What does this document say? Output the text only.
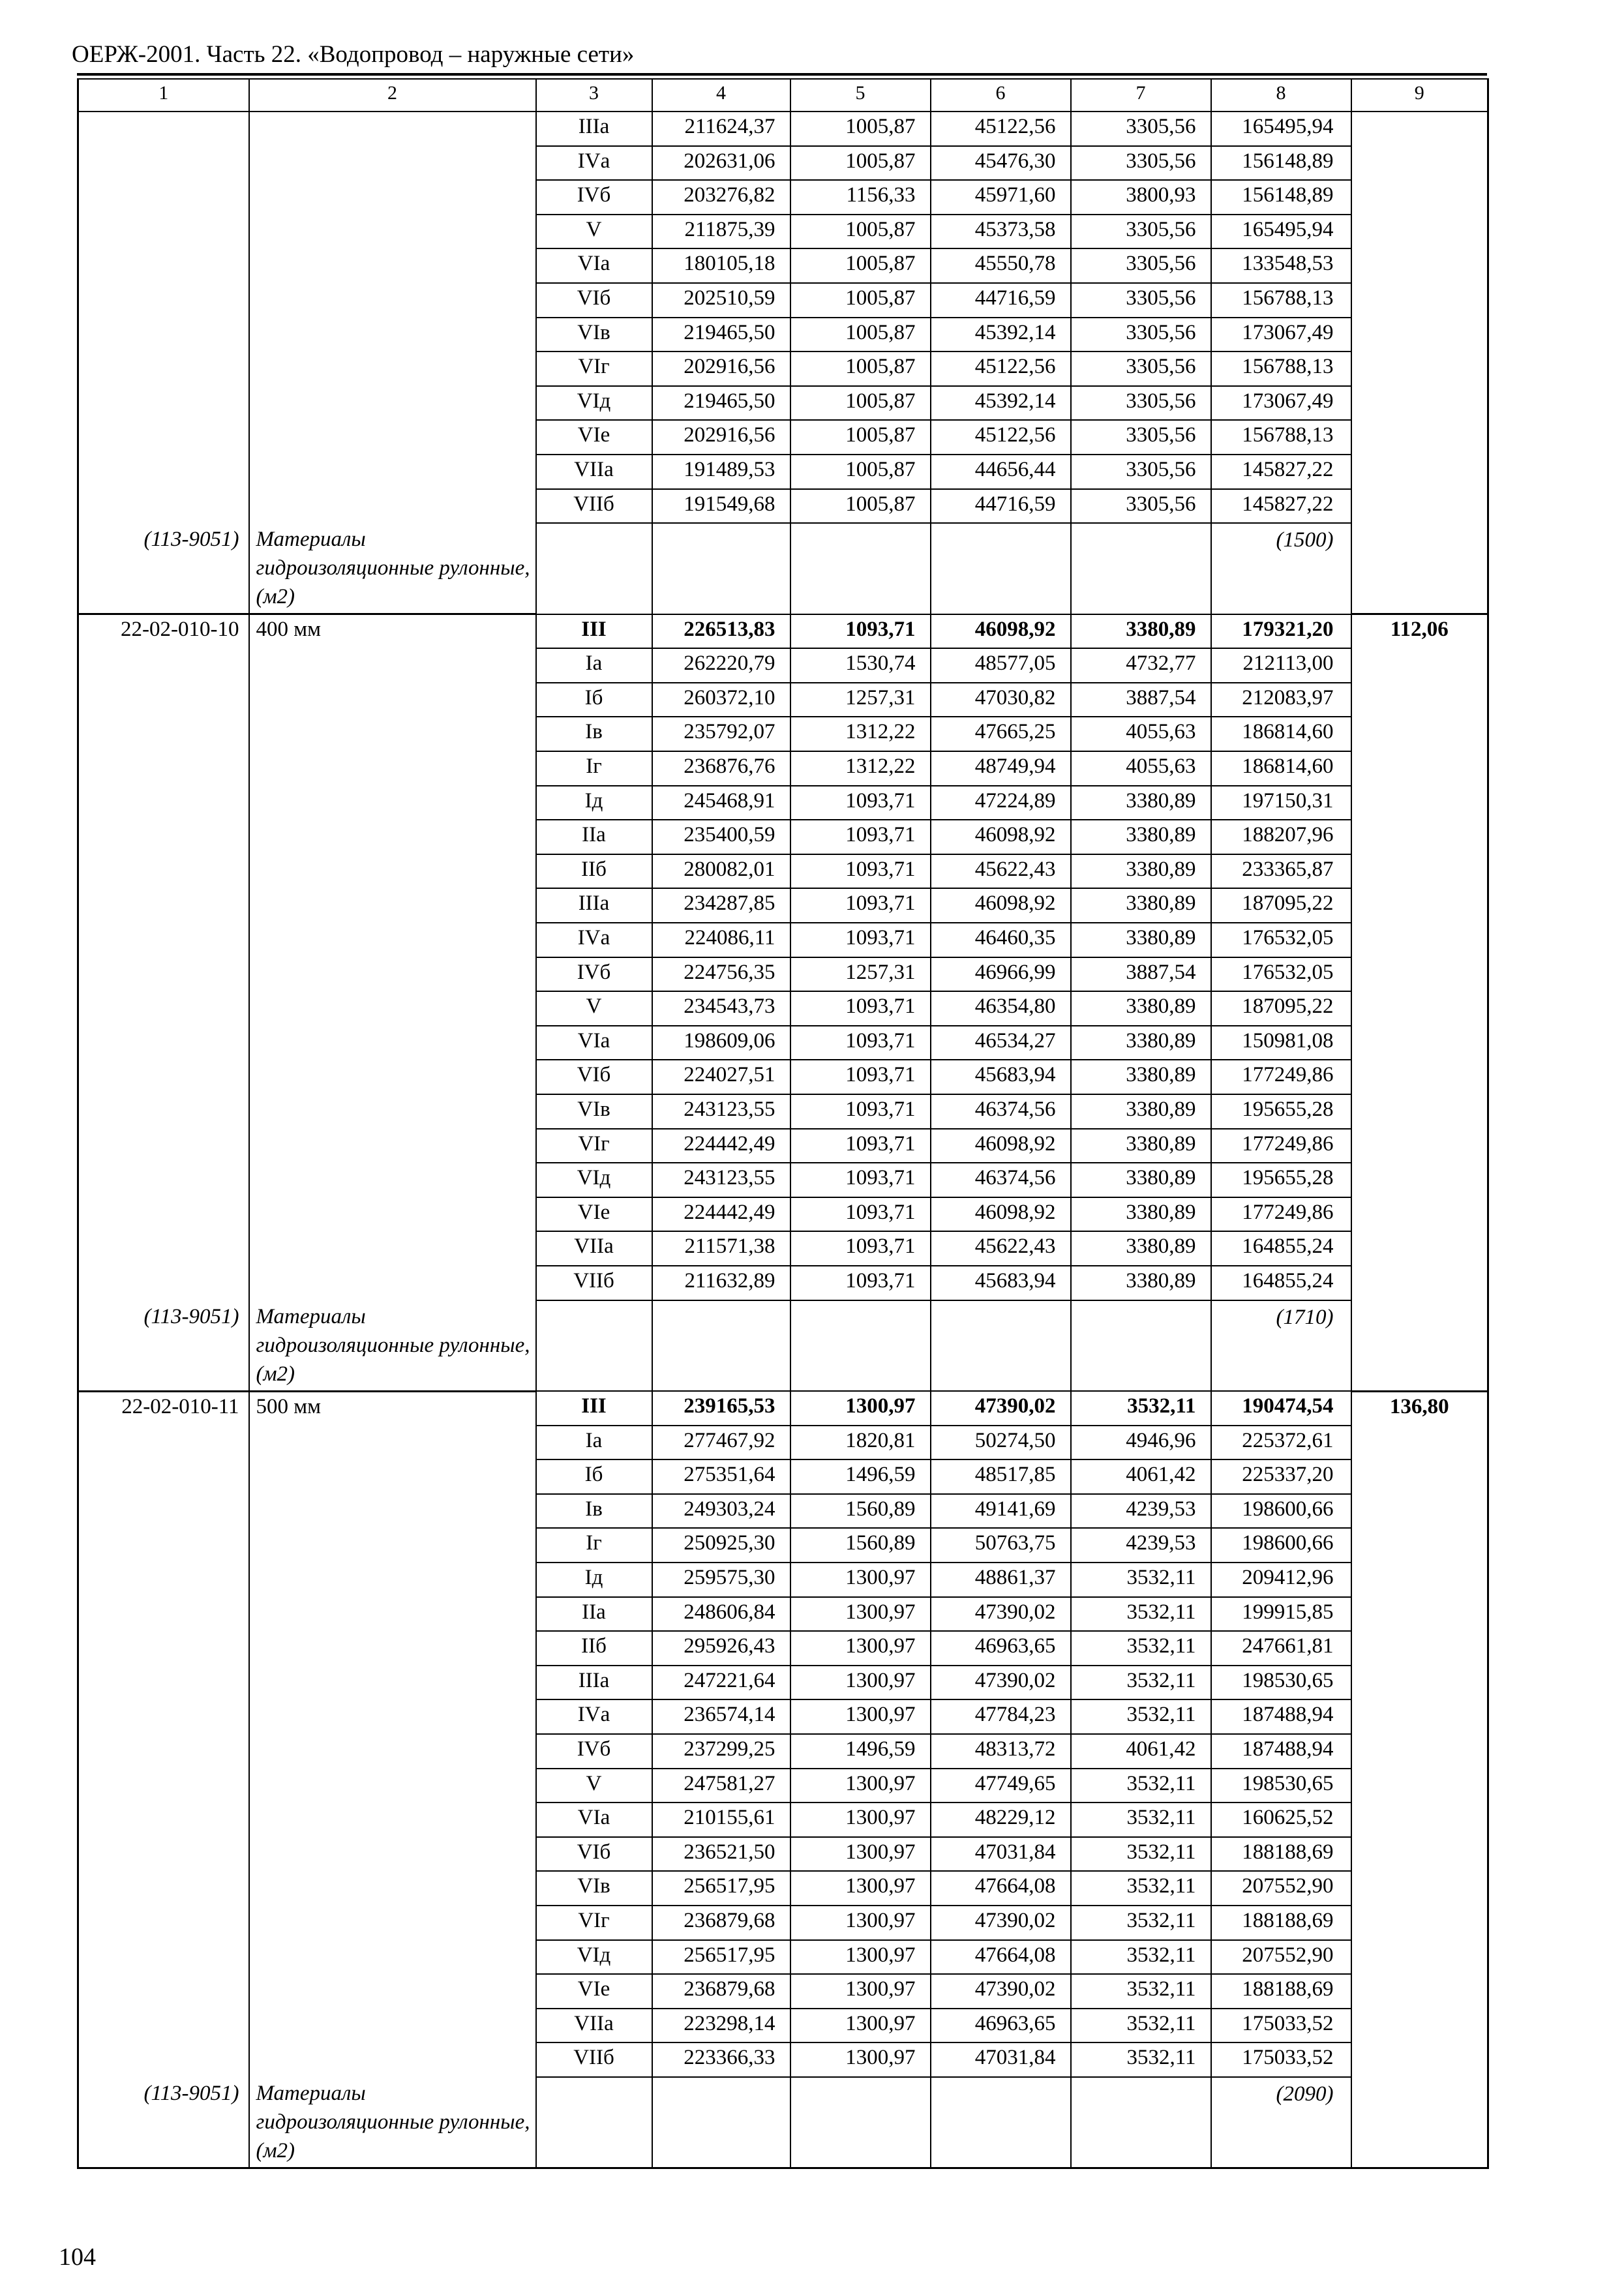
ОЕРЖ-2001. Часть 22. «Водопровод – наружные сети»
1	2	3	4	5	6	7	8	9
		IIIа	211624,37	1005,87	45122,56	3305,56	165495,94	
		IVа	202631,06	1005,87	45476,30	3305,56	156148,89	
		IVб	203276,82	1156,33	45971,60	3800,93	156148,89	
		V	211875,39	1005,87	45373,58	3305,56	165495,94	
		VIа	180105,18	1005,87	45550,78	3305,56	133548,53	
		VIб	202510,59	1005,87	44716,59	3305,56	156788,13	
		VIв	219465,50	1005,87	45392,14	3305,56	173067,49	
		VIг	202916,56	1005,87	45122,56	3305,56	156788,13	
		VIд	219465,50	1005,87	45392,14	3305,56	173067,49	
		VIе	202916,56	1005,87	45122,56	3305,56	156788,13	
		VIIа	191489,53	1005,87	44656,44	3305,56	145827,22	
		VIIб	191549,68	1005,87	44716,59	3305,56	145827,22	
(113-9051)	Материалы гидроизоляционные рулонные, (м2)						(1500)	
22-02-010-10	400 мм	III	226513,83	1093,71	46098,92	3380,89	179321,20	112,06
		Iа	262220,79	1530,74	48577,05	4732,77	212113,00	
		Iб	260372,10	1257,31	47030,82	3887,54	212083,97	
		Iв	235792,07	1312,22	47665,25	4055,63	186814,60	
		Iг	236876,76	1312,22	48749,94	4055,63	186814,60	
		Iд	245468,91	1093,71	47224,89	3380,89	197150,31	
		IIа	235400,59	1093,71	46098,92	3380,89	188207,96	
		IIб	280082,01	1093,71	45622,43	3380,89	233365,87	
		IIIа	234287,85	1093,71	46098,92	3380,89	187095,22	
		IVа	224086,11	1093,71	46460,35	3380,89	176532,05	
		IVб	224756,35	1257,31	46966,99	3887,54	176532,05	
		V	234543,73	1093,71	46354,80	3380,89	187095,22	
		VIа	198609,06	1093,71	46534,27	3380,89	150981,08	
		VIб	224027,51	1093,71	45683,94	3380,89	177249,86	
		VIв	243123,55	1093,71	46374,56	3380,89	195655,28	
		VIг	224442,49	1093,71	46098,92	3380,89	177249,86	
		VIд	243123,55	1093,71	46374,56	3380,89	195655,28	
		VIе	224442,49	1093,71	46098,92	3380,89	177249,86	
		VIIа	211571,38	1093,71	45622,43	3380,89	164855,24	
		VIIб	211632,89	1093,71	45683,94	3380,89	164855,24	
(113-9051)	Материалы гидроизоляционные рулонные, (м2)						(1710)	
22-02-010-11	500 мм	III	239165,53	1300,97	47390,02	3532,11	190474,54	136,80
		Iа	277467,92	1820,81	50274,50	4946,96	225372,61	
		Iб	275351,64	1496,59	48517,85	4061,42	225337,20	
		Iв	249303,24	1560,89	49141,69	4239,53	198600,66	
		Iг	250925,30	1560,89	50763,75	4239,53	198600,66	
		Iд	259575,30	1300,97	48861,37	3532,11	209412,96	
		IIа	248606,84	1300,97	47390,02	3532,11	199915,85	
		IIб	295926,43	1300,97	46963,65	3532,11	247661,81	
		IIIа	247221,64	1300,97	47390,02	3532,11	198530,65	
		IVа	236574,14	1300,97	47784,23	3532,11	187488,94	
		IVб	237299,25	1496,59	48313,72	4061,42	187488,94	
		V	247581,27	1300,97	47749,65	3532,11	198530,65	
		VIа	210155,61	1300,97	48229,12	3532,11	160625,52	
		VIб	236521,50	1300,97	47031,84	3532,11	188188,69	
		VIв	256517,95	1300,97	47664,08	3532,11	207552,90	
		VIг	236879,68	1300,97	47390,02	3532,11	188188,69	
		VIд	256517,95	1300,97	47664,08	3532,11	207552,90	
		VIе	236879,68	1300,97	47390,02	3532,11	188188,69	
		VIIа	223298,14	1300,97	46963,65	3532,11	175033,52	
		VIIб	223366,33	1300,97	47031,84	3532,11	175033,52	
(113-9051)	Материалы гидроизоляционные рулонные, (м2)						(2090)	
104
